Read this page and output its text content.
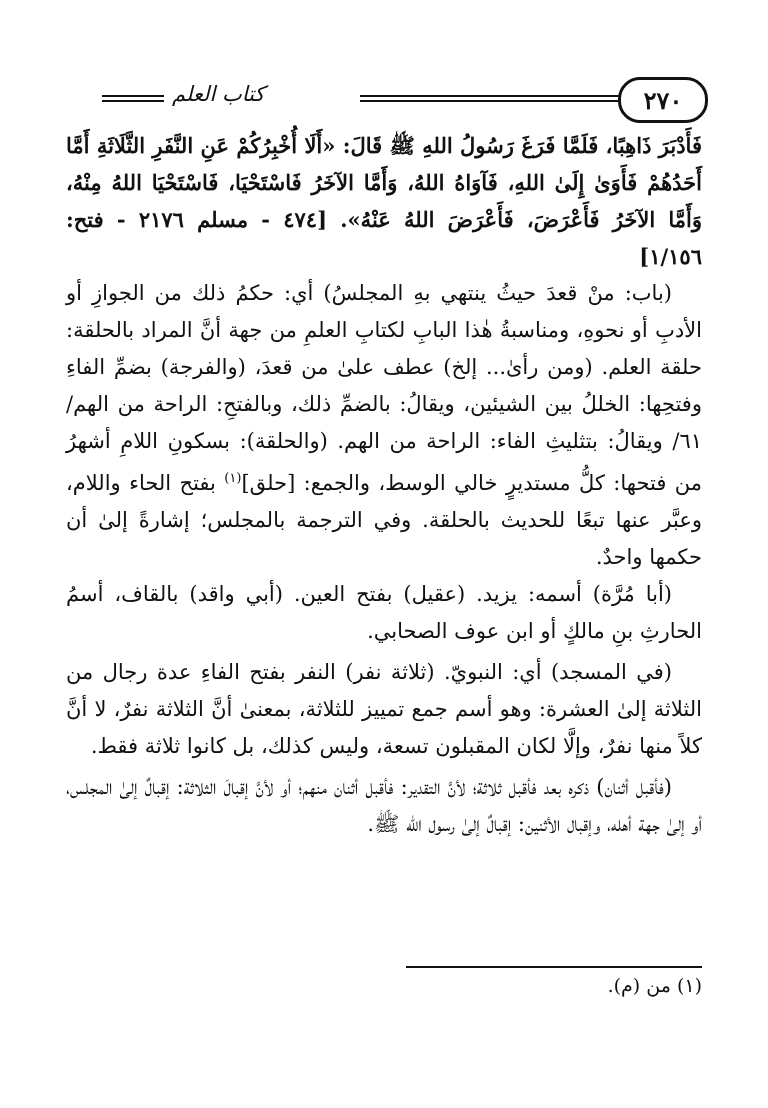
كتاب العلم	٢٧٠

فَأَدْبَرَ ذَاهِبًا، فَلَمَّا فَرَغَ رَسُولُ اللهِ ﷺ قَالَ: «أَلَا أُخْبِرُكُمْ عَنِ النَّفَرِ الثَّلَاثَةِ أَمَّا أَحَدُهُمْ فَأَوَىٰ إِلَىٰ اللهِ، فَآوَاهُ اللهُ، وَأَمَّا الآخَرُ فَاسْتَحْيَا، فَاسْتَحْيَا اللهُ مِنْهُ، وَأَمَّا الآخَرُ فَأَعْرَضَ، فَأَعْرَضَ اللهُ عَنْهُ». [٤٧٤ - مسلم ٢١٧٦ - فتح: ١/١٥٦]

(باب: منْ قعدَ حيثُ ينتهي بهِ المجلسُ) أي: حكمُ ذلك من الجوازِ أو الأدبِ أو نحوهِ، ومناسبةُ هٰذا البابِ لكتابِ العلمِ من جهة أنَّ المراد بالحلقة: حلقة العلم. (ومن رأىٰ... إلخ) عطف علىٰ من قعدَ، (والفرجة) بضمِّ الفاءِ وفتحِها: الخللُ بين الشيئين، ويقالُ: بالضمِّ ذلك، وبالفتحِ: الراحة من الهم/ ٦١/ ويقالُ: بتثليثِ الفاء: الراحة من الهم. (والحلقة): بسكونِ اللامِ أشهرُ من فتحها: كلُّ مستديرٍ خالي الوسط، والجمع: [حلق]$^{(١)}$ بفتح الحاء واللام، وعبَّر عنها تبعًا للحديث بالحلقة. وفي الترجمة بالمجلس؛ إشارةً إلىٰ أن حكمها واحدٌ.

(أبا مُرَّة) أسمه: يزيد. (عقيل) بفتح العين. (أبي واقد) بالقاف، أسمُ الحارثِ بنِ مالكٍ أو ابن عوف الصحابي.

(في المسجد) أي: النبويّ. (ثلاثة نفر) النفر بفتح الفاءِ عدة رجال من الثلاثة إلىٰ العشرة: وهو أسم جمع تمييز للثلاثة، بمعنىٰ أنَّ الثلاثة نفرٌ، لا أنَّ كلاً منها نفرٌ، وإلَّا لكان المقبلون تسعة، وليس كذلك، بل كانوا ثلاثة فقط.

(فأقبل أثنان) ذكره بعد فأقبل ثلاثة؛ لأنَّ التقدير: فأقبل أثنان منهم؛ أو لأنَّ إقبالَ الثلاثة: إقبالٌ إلىٰ المجلس، أو إلىٰ جهة أهله، وإقبال الأثنين: إقبالٌ إلىٰ رسول الله ﷺ.

(١) من (م).
